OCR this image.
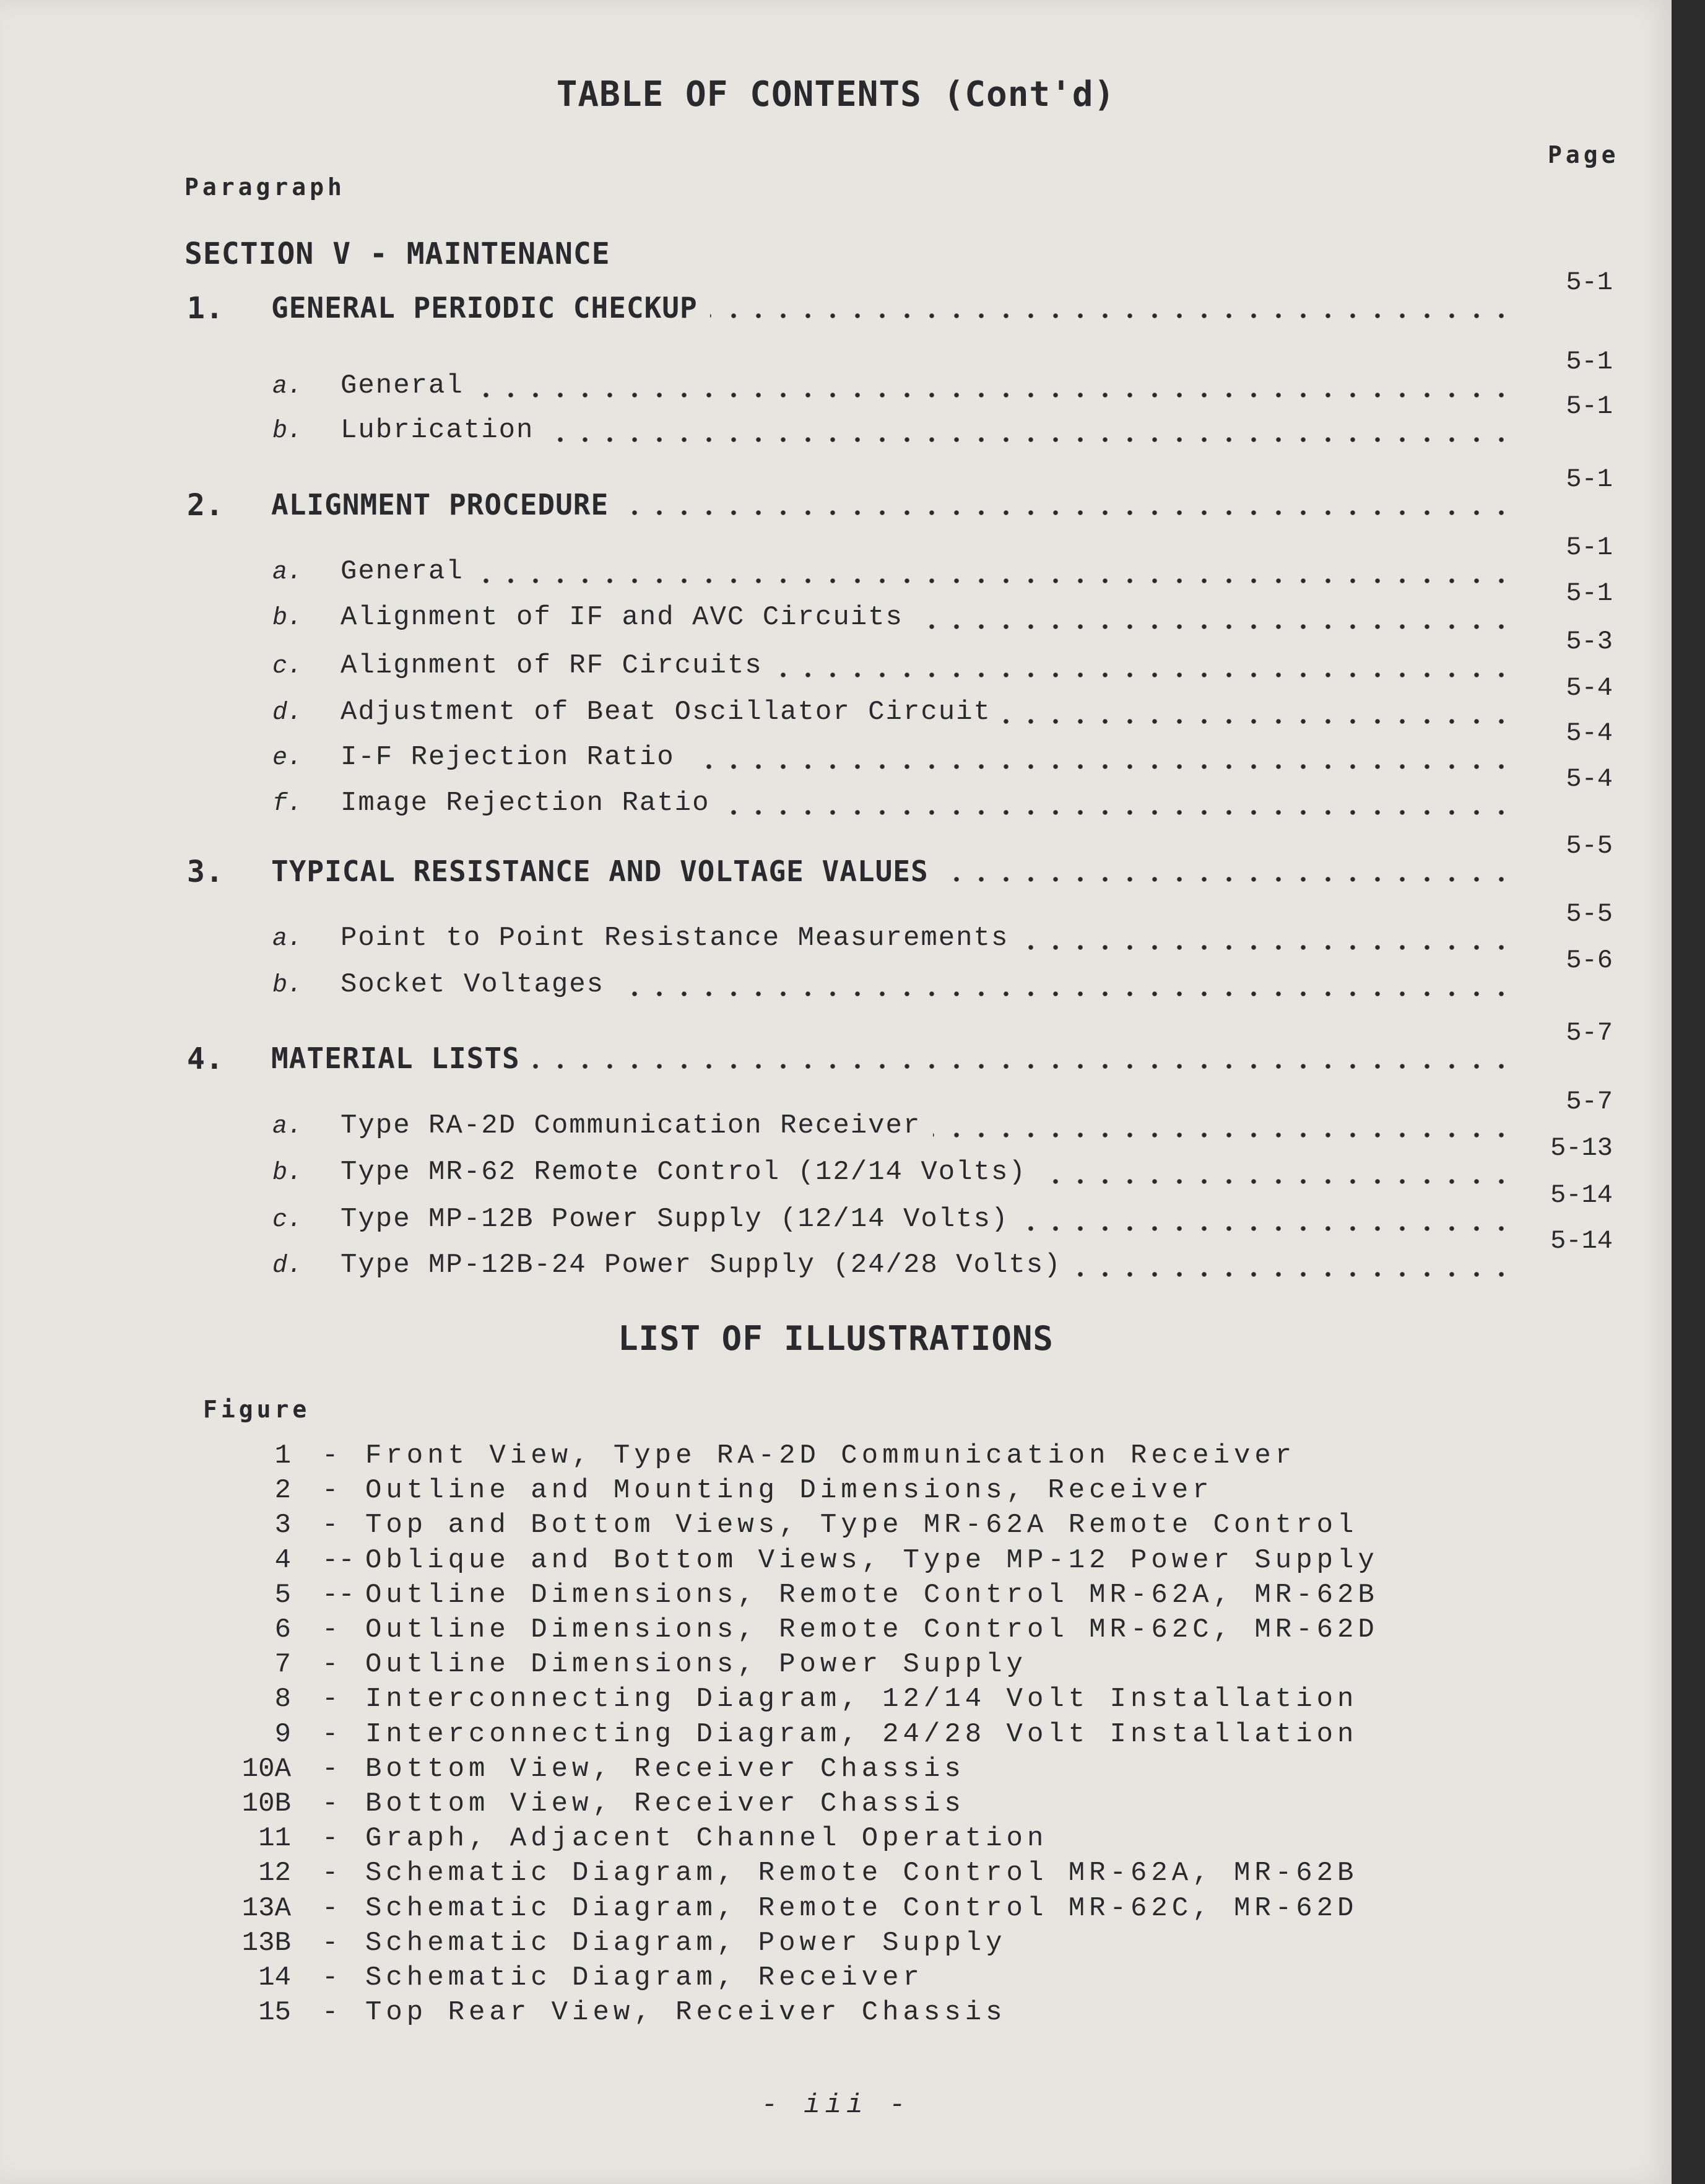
TABLE OF CONTENTS (Cont'd)
Page
Paragraph
SECTION V - MAINTENANCE
1. GENERAL PERIODIC CHECKUP
5-1
a. General
5-1
b. Lubrication
5-1
2. ALIGNMENT PROCEDURE
5-1
a. General
5-1
b. Alignment of IF and AVC Circuits
5-1
c. Alignment of RF Circuits
5-3
d. Adjustment of Beat Oscillator Circuit
5-4
e. I-F Rejection Ratio
5-4
f. Image Rejection Ratio
5-4
3. TYPICAL RESISTANCE AND VOLTAGE VALUES
5-5
a. Point to Point Resistance Measurements
5-5
b. Socket Voltages
5-6
4. MATERIAL LISTS
5-7
a. Type RA-2D Communication Receiver
5-7
b. Type MR-62 Remote Control (12/14 Volts)
5-13
c. Type MP-12B Power Supply (12/14 Volts)
5-14
d. Type MP-12B-24 Power Supply (24/28 Volts)
5-14
LIST OF ILLUSTRATIONS
Figure
1 - Front View, Type RA-2D Communication Receiver
2 - Outline and Mounting Dimensions, Receiver
3 - Top and Bottom Views, Type MR-62A Remote Control
4 -- Oblique and Bottom Views, Type MP-12 Power Supply
5 -- Outline Dimensions, Remote Control MR-62A, MR-62B
6 - Outline Dimensions, Remote Control MR-62C, MR-62D
7 - Outline Dimensions, Power Supply
8 - Interconnecting Diagram, 12/14 Volt Installation
9 - Interconnecting Diagram, 24/28 Volt Installation
10A - Bottom View, Receiver Chassis
10B - Bottom View, Receiver Chassis
11 - Graph, Adjacent Channel Operation
12 - Schematic Diagram, Remote Control MR-62A, MR-62B
13A - Schematic Diagram, Remote Control MR-62C, MR-62D
13B - Schematic Diagram, Power Supply
14 - Schematic Diagram, Receiver
15 - Top Rear View, Receiver Chassis
- iii -
